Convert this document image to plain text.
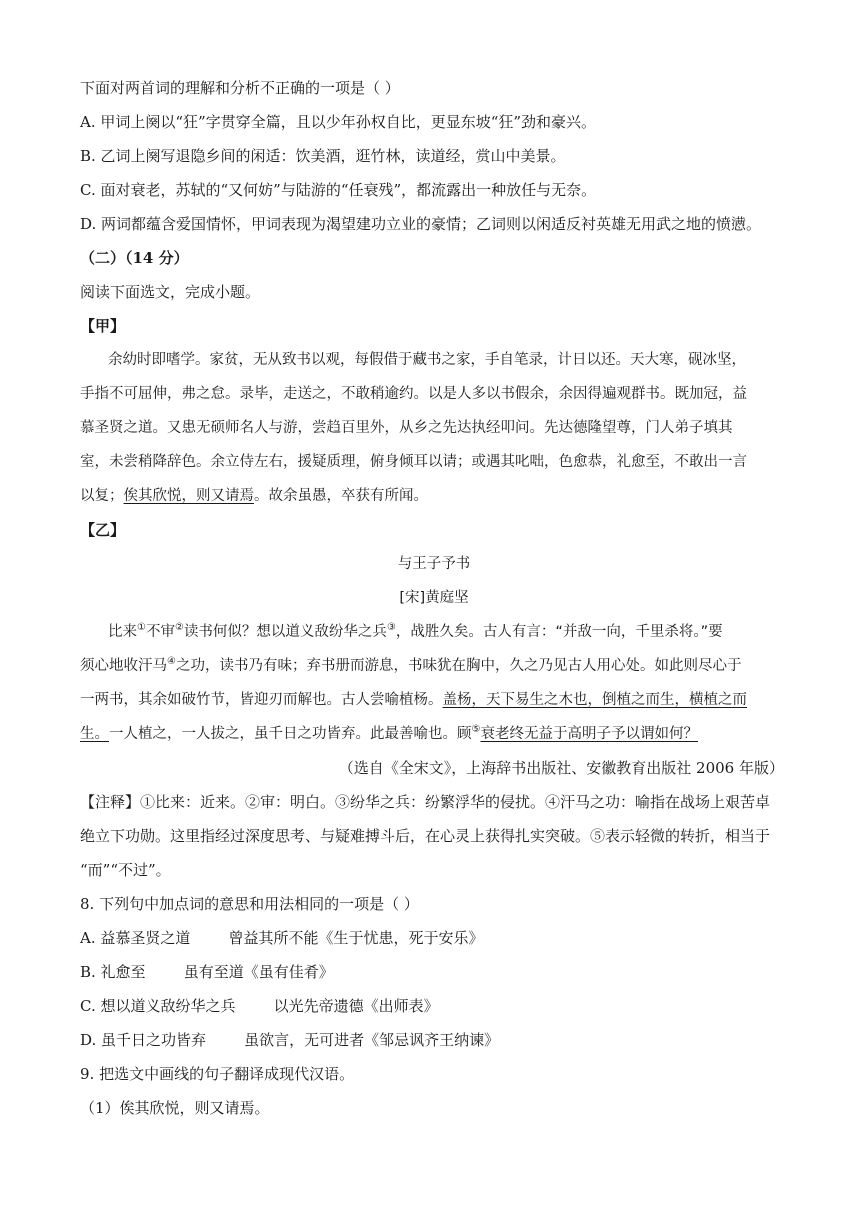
下面对两首词的理解和分析不正确的一项是（ ）
A. 甲词上阕以“狂”字贯穿全篇，且以少年孙权自比，更显东坡“狂”劲和豪兴。
B. 乙词上阕写退隐乡间的闲适：饮美酒，逛竹林，读道经，赏山中美景。
C. 面对衰老，苏轼的“又何妨”与陆游的“任衰残”，都流露出一种放任与无奈。
D. 两词都蕴含爱国情怀，甲词表现为渴望建功立业的豪情；乙词则以闲适反衬英雄无用武之地的愤懑。
（二）（14 分）
阅读下面选文，完成小题。
【甲】
余幼时即嗜学。家贫，无从致书以观，每假借于藏书之家，手自笔录，计日以还。天大寒，砚冰坚，
手指不可屈伸，弗之怠。录毕，走送之，不敢稍逾约。以是人多以书假余，余因得遍观群书。既加冠，益
慕圣贤之道。又患无硕师名人与游，尝趋百里外，从乡之先达执经叩问。先达德隆望尊，门人弟子填其
室，未尝稍降辞色。余立侍左右，援疑质理，俯身倾耳以请；或遇其叱咄，色愈恭，礼愈至，不敢出一言
以复；俟其欣悦，则又请焉。故余虽愚，卒获有所闻。
【乙】
与王子予书
[宋]黄庭坚
比来①不审②读书何似？想以道义敌纷华之兵③，战胜久矣。古人有言：“并敌一向，千里杀将。”要
须心地收汗马④之功，读书乃有味；弃书册而游息，书味犹在胸中，久之乃见古人用心处。如此则尽心于
一两书，其余如破竹节，皆迎刃而解也。古人尝喻植杨。盖杨，天下易生之木也，倒植之而生，横植之而
生。一人植之，一人拔之，虽千日之功皆弃。此最善喻也。顾⑤衰老终无益于高明子予以谓如何？
（选自《全宋文》，上海辞书出版社、安徽教育出版社 2006 年版）
【注释】①比来：近来。②审：明白。③纷华之兵：纷繁浮华的侵扰。④汗马之功：喻指在战场上艰苦卓
绝立下功勋。这里指经过深度思考、与疑难搏斗后，在心灵上获得扎实突破。⑤表示轻微的转折，相当于
“而”“不过”。
8. 下列句中加点词的意思和用法相同的一项是（ ）
A. 益慕圣贤之道        曾益其所不能《生于忧患，死于安乐》
B. 礼愈至        虽有至道《虽有佳肴》
C. 想以道义敌纷华之兵        以光先帝遗德《出师表》
D. 虽千日之功皆弃        虽欲言，无可进者《邹忌讽齐王纳谏》
9. 把选文中画线的句子翻译成现代汉语。
（1）俟其欣悦，则又请焉。
